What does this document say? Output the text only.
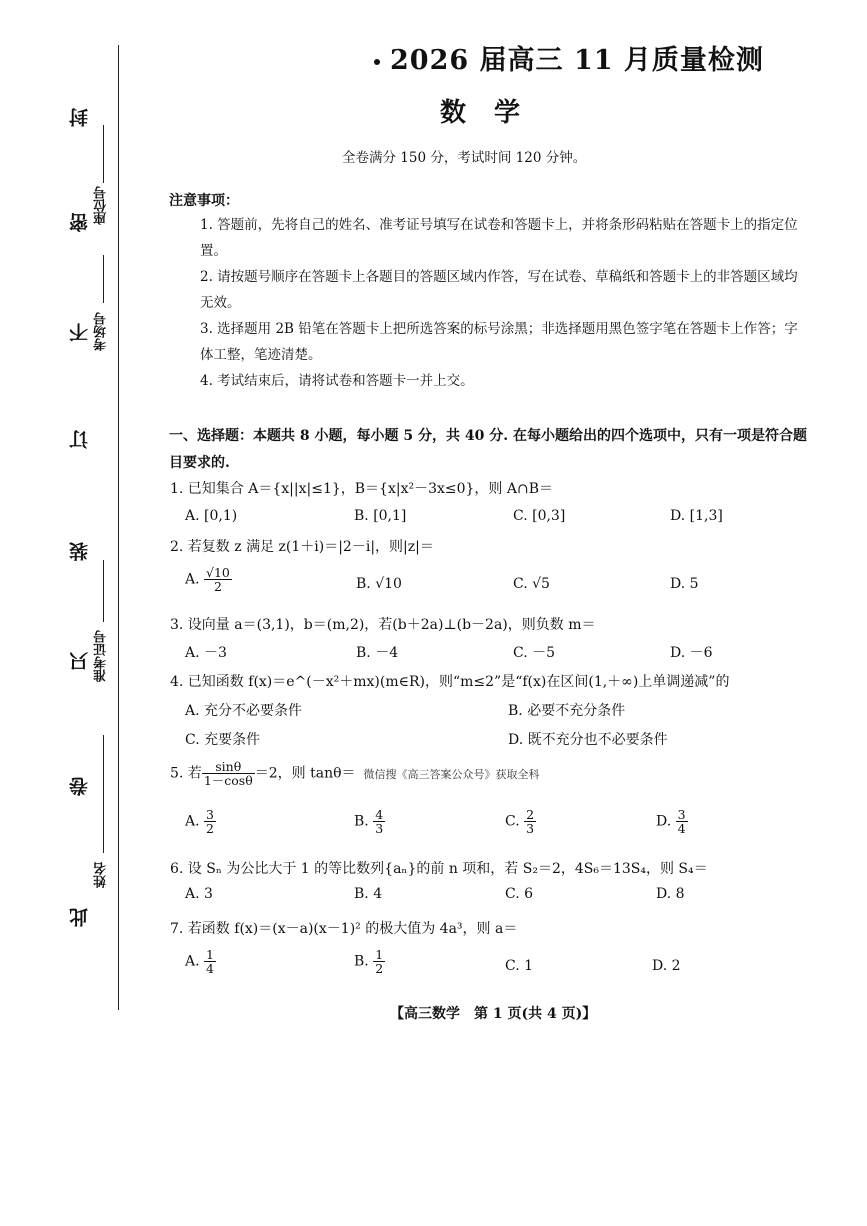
封
密
不
订
装
只
卷
此
座位号
考场号
准考证号
姓名
2026 届高三 11 月质量检测
数学
全卷满分 150 分，考试时间 120 分钟。
注意事项：
1. 答题前，先将自己的姓名、准考证号填写在试卷和答题卡上，并将条形码粘贴在答题卡上的指定位置。
2. 请按题号顺序在答题卡上各题目的答题区域内作答，写在试卷、草稿纸和答题卡上的非答题区域均无效。
3. 选择题用 2B 铅笔在答题卡上把所选答案的标号涂黑；非选择题用黑色签字笔在答题卡上作答；字体工整，笔迹清楚。
4. 考试结束后，请将试卷和答题卡一并上交。
一、选择题：本题共 8 小题，每小题 5 分，共 40 分. 在每小题给出的四个选项中，只有一项是符合题目要求的.
1. 已知集合 A＝{x||x|≤1}，B＝{x|x²－3x≤0}，则 A∩B＝
A. [0,1)	B. [0,1]	C. [0,3]	D. [1,3]
2. 若复数 z 满足 z(1＋i)＝|2－i|，则|z|＝
A. $\frac{√10}{2}$	B. √10	C. √5	D. 5
3. 设向量 a＝(3,1)，b＝(m,2)，若(b＋2a)⊥(b－2a)，则负数 m＝
A. －3	B. －4	C. －5	D. －6
4. 已知函数 f(x)＝e^(－x²＋mx)(m∈R)，则“m≤2”是“f(x)在区间(1,＋∞)上单调递减”的
A. 充分不必要条件	B. 必要不充分条件
C. 充要条件	D. 既不充分也不必要条件
5. 若 $\frac{\sin\theta}{1-\cos\theta} =2$，则 tanθ＝ 微信搜《高三答案公众号》获取全科
A. $\frac{3}{2}$	B. $\frac{4}{3}$	C. $\frac{2}{3}$	D. $\frac{3}{4}$
6. 设 Sₙ 为公比大于 1 的等比数列{aₙ}的前 n 项和，若 S₂＝2，4S₆＝13S₄，则 S₄＝
A. 3	B. 4	C. 6	D. 8
7. 若函数 f(x)＝(x－a)(x－1)² 的极大值为 4a³，则 a＝
A. $\frac{1}{4}$	B. $\frac{1}{2}$	C. 1	D. 2
【高三数学　第 1 页(共 4 页)】
